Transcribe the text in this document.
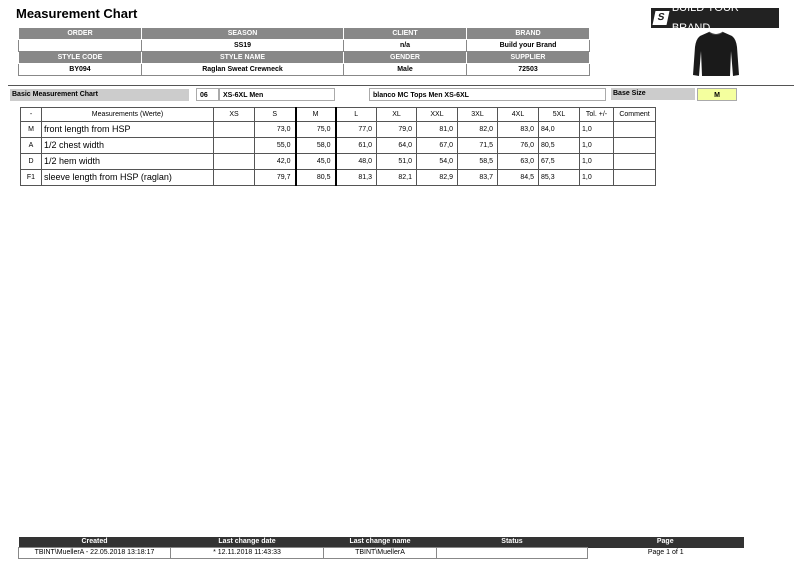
Measurement Chart
ORDER	SEASON	CLIENT	BRAND
	SS19	n/a	Build your Brand
STYLE CODE	STYLE NAME	GENDER	SUPPLIER
BY094	Raglan Sweat Crewneck	Male	72503
S
BUILD YOUR BRAND
Basic Measurement Chart	06	XS-6XL Men	blanco MC Tops Men XS-6XL	Base Size	M
-	Measurements (Werte)	XS	S	M	L	XL	XXL	3XL	4XL	5XL	Tol. +/-	Comment
M	front length from HSP		73,0	75,0	77,0	79,0	81,0	82,0	83,0	84,0	1,0	
A	1/2 chest width		55,0	58,0	61,0	64,0	67,0	71,5	76,0	80,5	1,0	
D	1/2 hem width		42,0	45,0	48,0	51,0	54,0	58,5	63,0	67,5	1,0	
F1	sleeve length from HSP (raglan)		79,7	80,5	81,3	82,1	82,9	83,7	84,5	85,3	1,0	
Created	Last change date	Last change name	Status	Page
TBINT\MuellerA - 22.05.2018 13:18:17	* 12.11.2018 11:43:33	TBINT\MuellerA		Page 1 of 1
